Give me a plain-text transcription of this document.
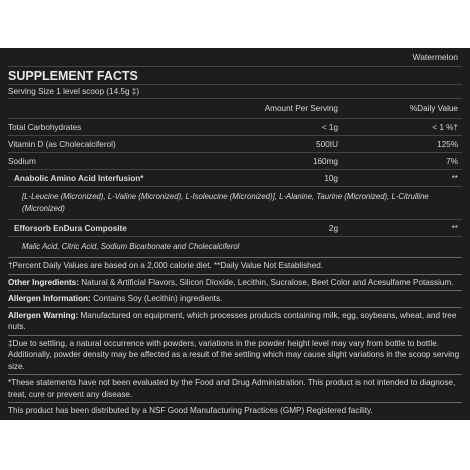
Watermelon
SUPPLEMENT FACTS
Serving Size 1 level scoop (14.5g ‡)
Amount Per Serving	%Daily Value
Total Carbohydrates	< 1g	< 1 %†
Vitamin D (as Cholecalciferol)	500IU	125%
Sodium	160mg	7%
Anabolic Amino Acid Interfusion*	10g	**
[L-Leucine (Micronized), L-Valine (Micronized), L-Isoleucine (Micronized)], L-Alanine, Taurine (Micronized), L-Citrulline (Micronized)
Efforsorb EnDura Composite	2g	**
Malic Acid, Citric Acid, Sodium Bicarbonate and Cholecalciferol
†Percent Daily Values are based on a 2,000 calorie diet. **Daily Value Not Established.
Other Ingredients: Natural & Artificial Flavors, Silicon Dioxide, Lecithin, Sucralose, Beet Color and Acesulfame Potassium.
Allergen Information: Contains Soy (Lecithin) ingredients.
Allergen Warning: Manufactured on equipment, which processes products containing milk, egg, soybeans, wheat, and tree nuts.
‡Due to settling, a natural occurrence with powders, variations in the powder height level may vary from bottle to bottle. Additionally, powder density may be affected as a result of the settling which may cause slight variations in the scoop serving size.
*These statements have not been evaluated by the Food and Drug Administration. This product is not intended to diagnose, treat, cure or prevent any disease.
This product has been distributed by a NSF Good Manufacturing Practices (GMP) Registered facility.
